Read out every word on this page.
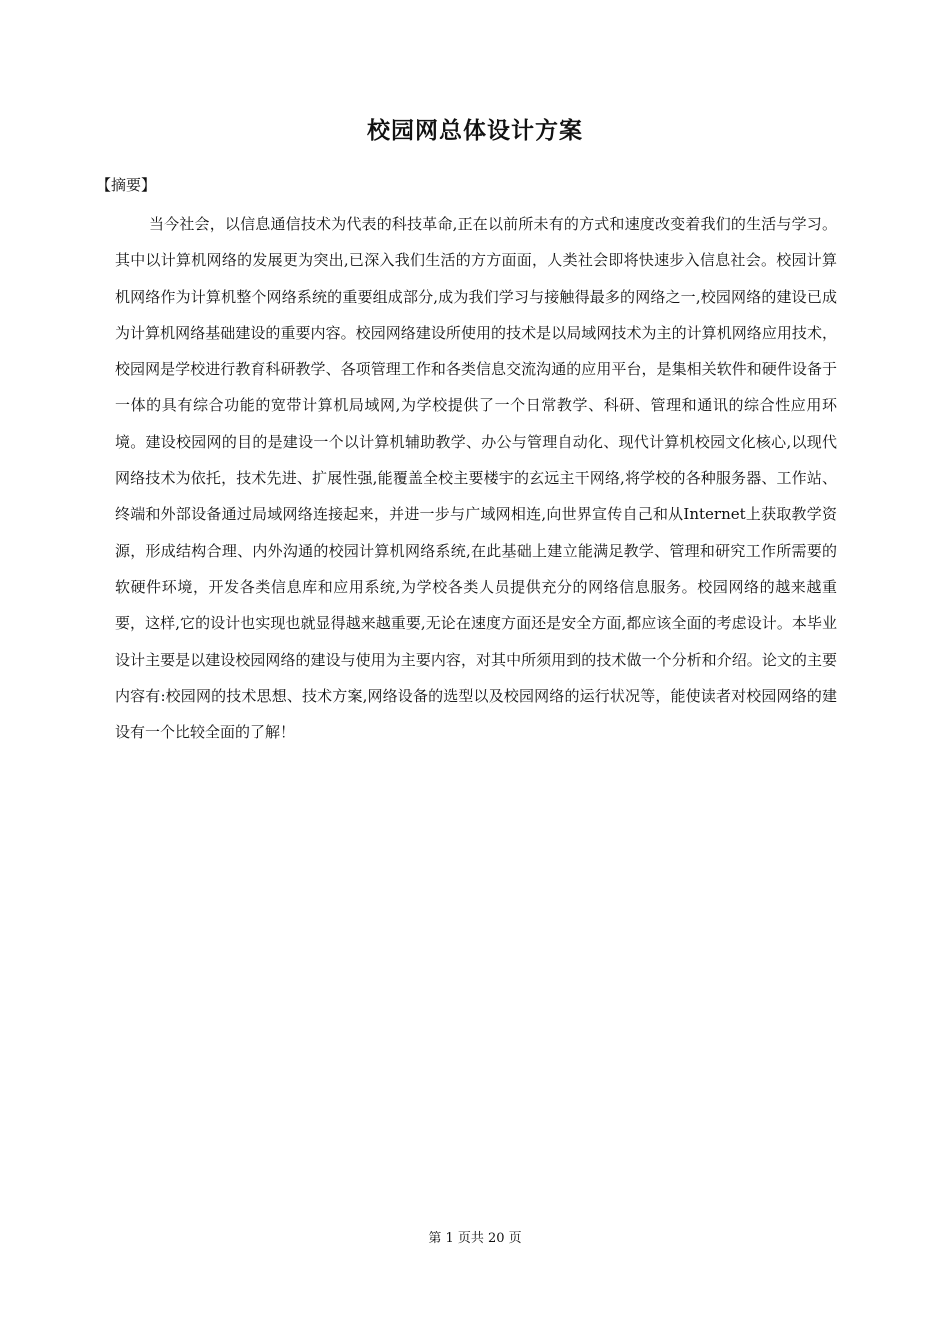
校园网总体设计方案

【摘要】

当今社会，以信息通信技术为代表的科技革命,正在以前所未有的方式和速度改变着我们的生活与学习。其中以计算机网络的发展更为突出,已深入我们生活的方方面面，人类社会即将快速步入信息社会。校园计算机网络作为计算机整个网络系统的重要组成部分,成为我们学习与接触得最多的网络之一,校园网络的建设已成为计算机网络基础建设的重要内容。校园网络建设所使用的技术是以局域网技术为主的计算机网络应用技术，校园网是学校进行教育科研教学、各项管理工作和各类信息交流沟通的应用平台，是集相关软件和硬件设备于一体的具有综合功能的宽带计算机局域网,为学校提供了一个日常教学、科研、管理和通讯的综合性应用环境。建设校园网的目的是建设一个以计算机辅助教学、办公与管理自动化、现代计算机校园文化核心,以现代网络技术为依托，技术先进、扩展性强,能覆盖全校主要楼宇的玄远主干网络,将学校的各种服务器、工作站、终端和外部设备通过局域网络连接起来，并进一步与广域网相连,向世界宣传自己和从Internet上获取教学资源，形成结构合理、内外沟通的校园计算机网络系统,在此基础上建立能满足教学、管理和研究工作所需要的软硬件环境，开发各类信息库和应用系统,为学校各类人员提供充分的网络信息服务。校园网络的越来越重要，这样,它的设计也实现也就显得越来越重要,无论在速度方面还是安全方面,都应该全面的考虑设计。本毕业设计主要是以建设校园网络的建设与使用为主要内容，对其中所须用到的技术做一个分析和介绍。论文的主要内容有:校园网的技术思想、技术方案,网络设备的选型以及校园网络的运行状况等，能使读者对校园网络的建设有一个比较全面的了解！

第 1 页共 20 页
